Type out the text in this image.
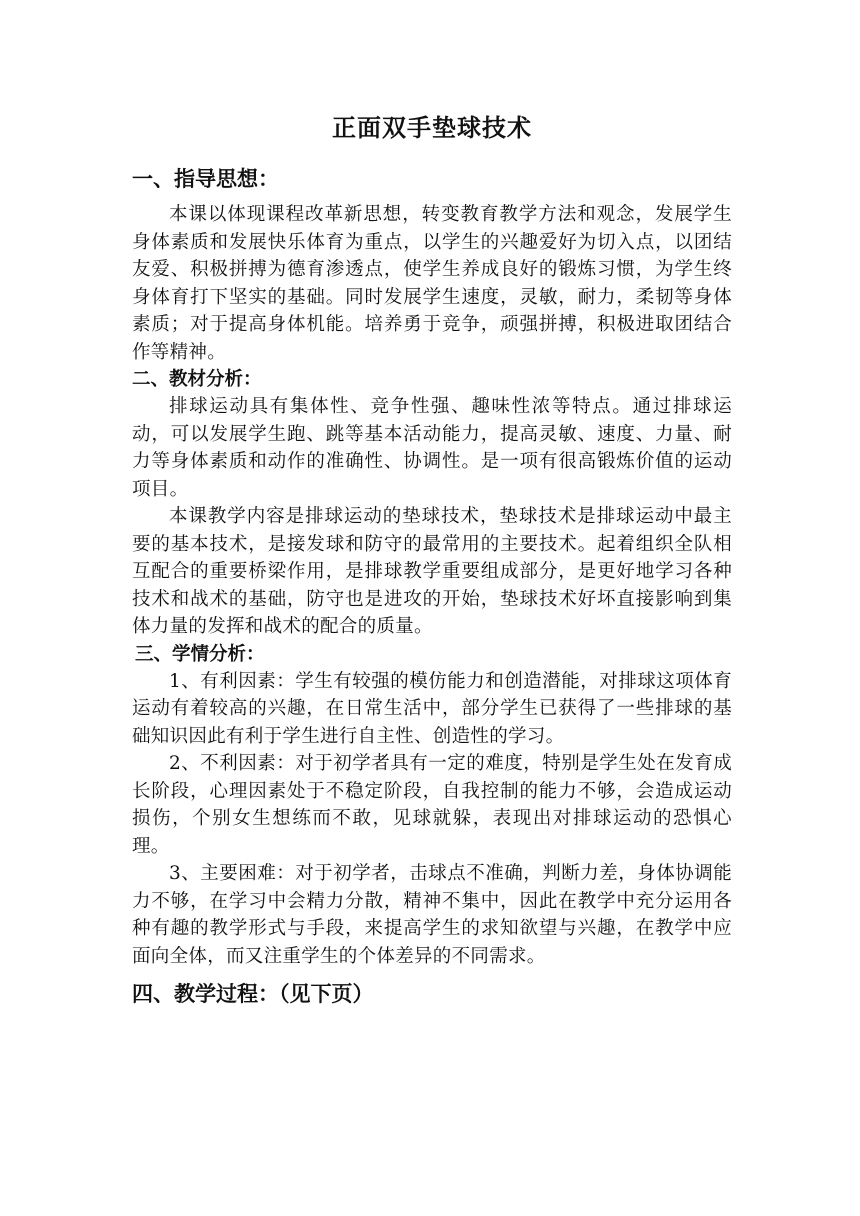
正面双手垫球技术
一、指导思想：

本课以体现课程改革新思想，转变教育教学方法和观念，发展学生身体素质和发展快乐体育为重点，以学生的兴趣爱好为切入点，以团结友爱、积极拼搏为德育渗透点，使学生养成良好的锻炼习惯，为学生终身体育打下坚实的基础。同时发展学生速度，灵敏，耐力，柔韧等身体素质；对于提高身体机能。培养勇于竞争，顽强拼搏，积极进取团结合作等精神。

二、教材分析：

排球运动具有集体性、竞争性强、趣味性浓等特点。通过排球运动，可以发展学生跑、跳等基本活动能力，提高灵敏、速度、力量、耐力等身体素质和动作的准确性、协调性。是一项有很高锻炼价值的运动项目。

本课教学内容是排球运动的垫球技术，垫球技术是排球运动中最主要的基本技术，是接发球和防守的最常用的主要技术。起着组织全队相互配合的重要桥梁作用，是排球教学重要组成部分，是更好地学习各种技术和战术的基础，防守也是进攻的开始，垫球技术好坏直接影响到集体力量的发挥和战术的配合的质量。

三、学情分析：

1、有利因素：学生有较强的模仿能力和创造潜能，对排球这项体育运动有着较高的兴趣，在日常生活中，部分学生已获得了一些排球的基础知识因此有利于学生进行自主性、创造性的学习。

2、不利因素：对于初学者具有一定的难度，特别是学生处在发育成长阶段，心理因素处于不稳定阶段，自我控制的能力不够，会造成运动损伤，个别女生想练而不敢，见球就躲，表现出对排球运动的恐惧心理。

3、主要困难：对于初学者，击球点不准确，判断力差，身体协调能力不够，在学习中会精力分散，精神不集中，因此在教学中充分运用各种有趣的教学形式与手段，来提高学生的求知欲望与兴趣，在教学中应面向全体，而又注重学生的个体差异的不同需求。

四、教学过程：（见下页）
